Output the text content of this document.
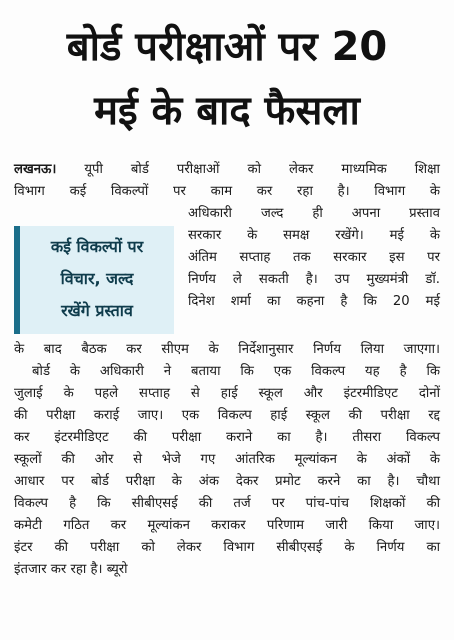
बोर्ड परीक्षाओं पर 20
मई के बाद फैसला
लखनऊ। यूपी बोर्ड परीक्षाओं को लेकर माध्यमिक शिक्षा
विभाग कई विकल्पों पर काम कर रहा है। विभाग के
कई विकल्पों पर
विचार, जल्द
रखेंगे प्रस्ताव
अधिकारी जल्द ही अपना प्रस्ताव
सरकार के समक्ष रखेंगे। मई के
अंतिम सप्ताह तक सरकार इस पर
निर्णय ले सकती है। उप मुख्यमंत्री डॉ.
दिनेश शर्मा का कहना है कि 20 मई
के बाद बैठक कर सीएम के निर्देशानुसार निर्णय लिया जाएगा।
बोर्ड के अधिकारी ने बताया कि एक विकल्प यह है कि
जुलाई के पहले सप्ताह से हाई स्कूल और इंटरमीडिएट दोनों
की परीक्षा कराई जाए। एक विकल्प हाई स्कूल की परीक्षा रद्द
कर इंटरमीडिएट की परीक्षा कराने का है। तीसरा विकल्प
स्कूलों की ओर से भेजे गए आंतरिक मूल्यांकन के अंकों के
आधार पर बोर्ड परीक्षा के अंक देकर प्रमोट करने का है। चौथा
विकल्प है कि सीबीएसई की तर्ज पर पांच-पांच शिक्षकों की
कमेटी गठित कर मूल्यांकन कराकर परिणाम जारी किया जाए।
इंटर की परीक्षा को लेकर विभाग सीबीएसई के निर्णय का
इंतजार कर रहा है। ब्यूरो
